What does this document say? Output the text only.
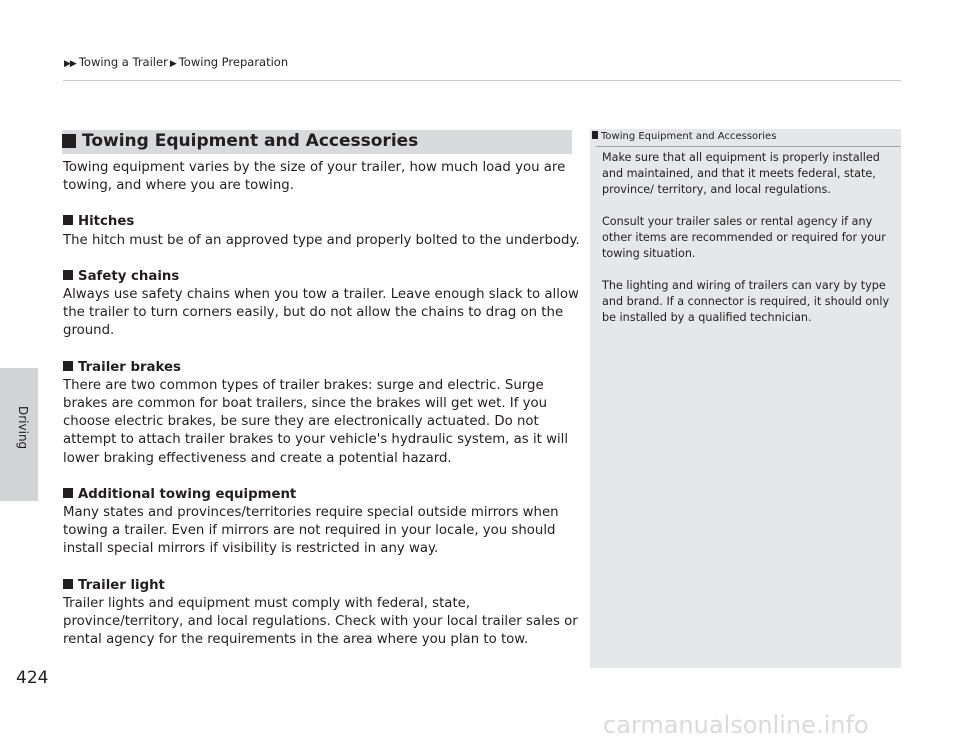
▶▶ Towing a Trailer ▶ Towing Preparation
Driving
424
Towing Equipment and Accessories

Towing equipment varies by the size of your trailer, how much load you are towing, and where you are towing.

Hitches

The hitch must be of an approved type and properly bolted to the underbody.

Safety chains

Always use safety chains when you tow a trailer. Leave enough slack to allow the trailer to turn corners easily, but do not allow the chains to drag on the ground.

Trailer brakes

There are two common types of trailer brakes: surge and electric. Surge brakes are common for boat trailers, since the brakes will get wet. If you choose electric brakes, be sure they are electronically actuated. Do not attempt to attach trailer brakes to your vehicle's hydraulic system, as it will lower braking effectiveness and create a potential hazard.

Additional towing equipment

Many states and provinces/territories require special outside mirrors when towing a trailer. Even if mirrors are not required in your locale, you should install special mirrors if visibility is restricted in any way.

Trailer light

Trailer lights and equipment must comply with federal, state, province/territory, and local regulations. Check with your local trailer sales or rental agency for the requirements in the area where you plan to tow.

Towing Equipment and Accessories

Make sure that all equipment is properly installed and maintained, and that it meets federal, state, province/ territory, and local regulations.

Consult your trailer sales or rental agency if any other items are recommended or required for your towing situation.

The lighting and wiring of trailers can vary by type and brand. If a connector is required, it should only be installed by a qualified technician.

carmanualsonline.info
